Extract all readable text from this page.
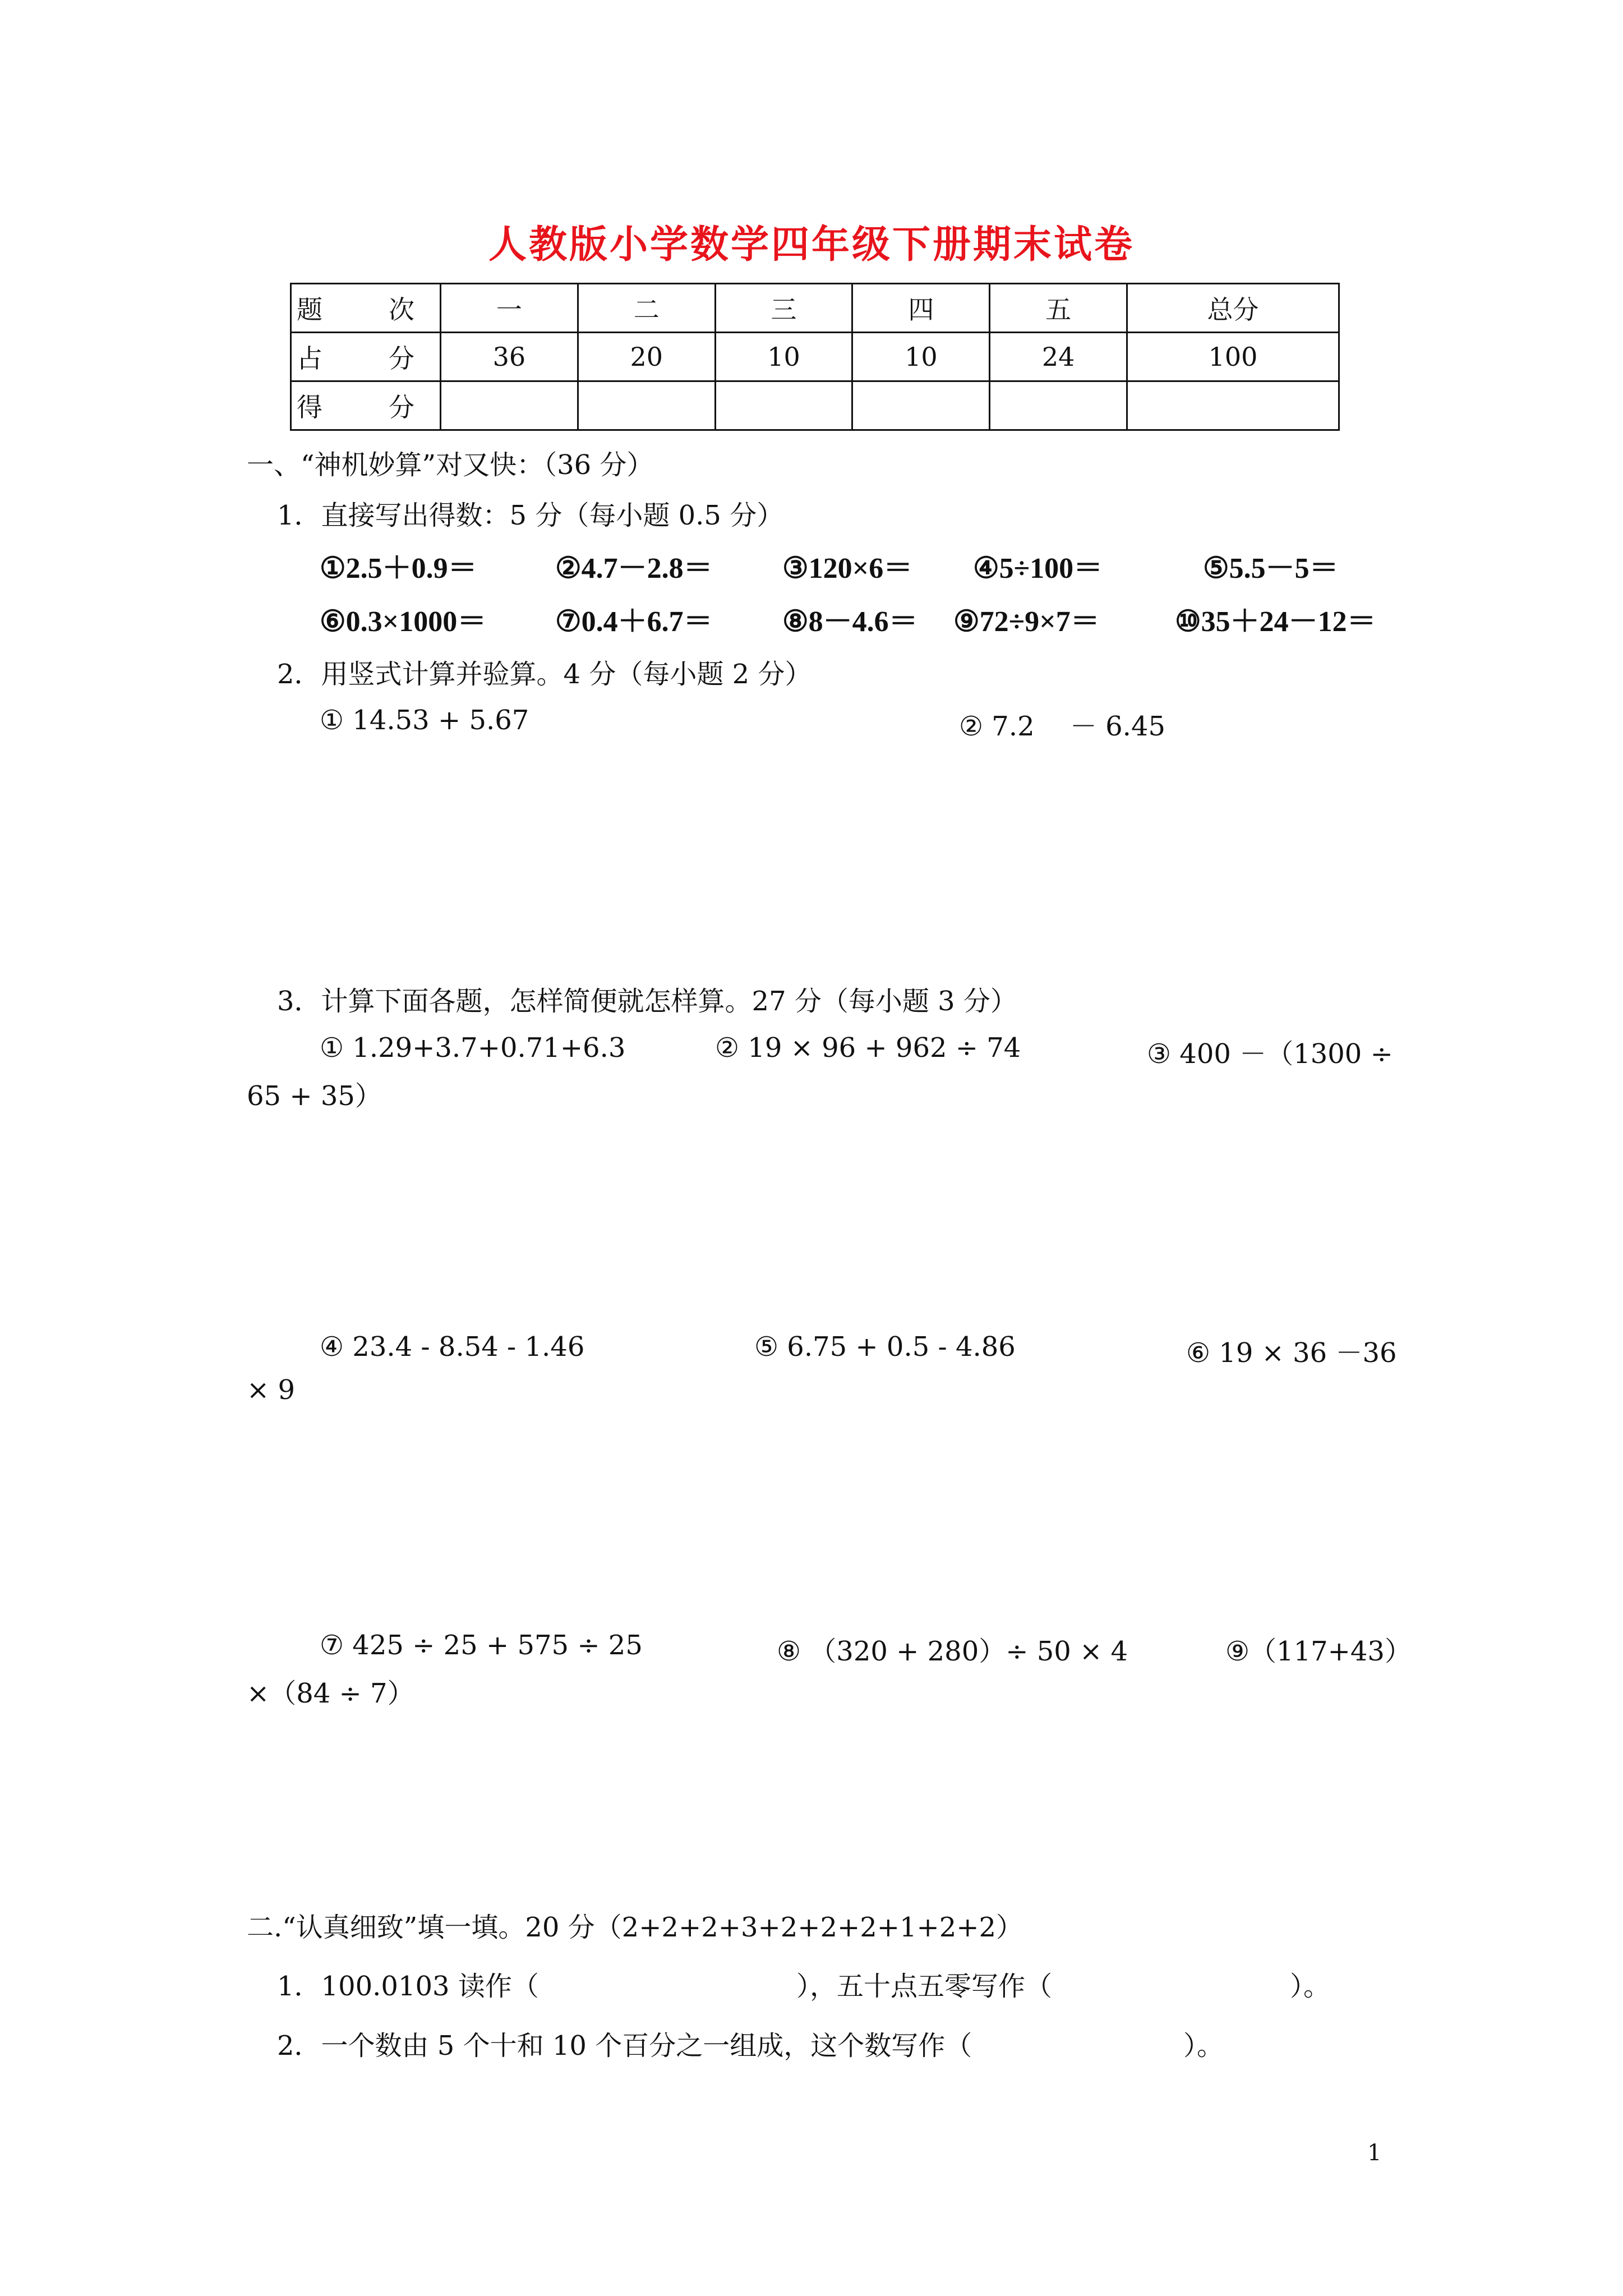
人教版小学数学四年级下册期末试卷
题　次	一	二	三	四	五	总分
占　分	36	20	10	10	24	100
得　分						
一、“神机妙算”对又快：（36 分）
1．直接写出得数：5 分（每小题 0.5 分）
①2.5＋0.9＝	②4.7－2.8＝ ③120×6＝ ④5÷100＝	⑤5.5－5＝
⑥0.3×1000＝ ⑦0.4＋6.7＝ ⑧8－4.6＝ ⑨72÷9×7＝	⑩35＋24－12＝
2．用竖式计算并验算。4 分（每小题 2 分）
① 14.53 + 5.67	② 7.2 　－ 6.45
3．计算下面各题，怎样简便就怎样算。27 分（每小题 3 分）
① 1.29+3.7+0.71+6.3	② 19 × 96 + 962 ÷ 74	③ 400 －（1300 ÷
65 + 35）
④ 23.4 - 8.54 - 1.46	⑤ 6.75 + 0.5 - 4.86	⑥ 19 × 36 －36
× 9
⑦ 425 ÷ 25 + 575 ÷ 25	⑧ （320 + 280）÷ 50 × 4	⑨（117+43）
×（84 ÷ 7）
二.“认真细致”填一填。20 分（2+2+2+3+2+2+2+1+2+2）
1．100.0103 读作（	），五十点五零写作（	）。
2．一个数由 5 个十和 10 个百分之一组成，这个数写作（	）。
1
